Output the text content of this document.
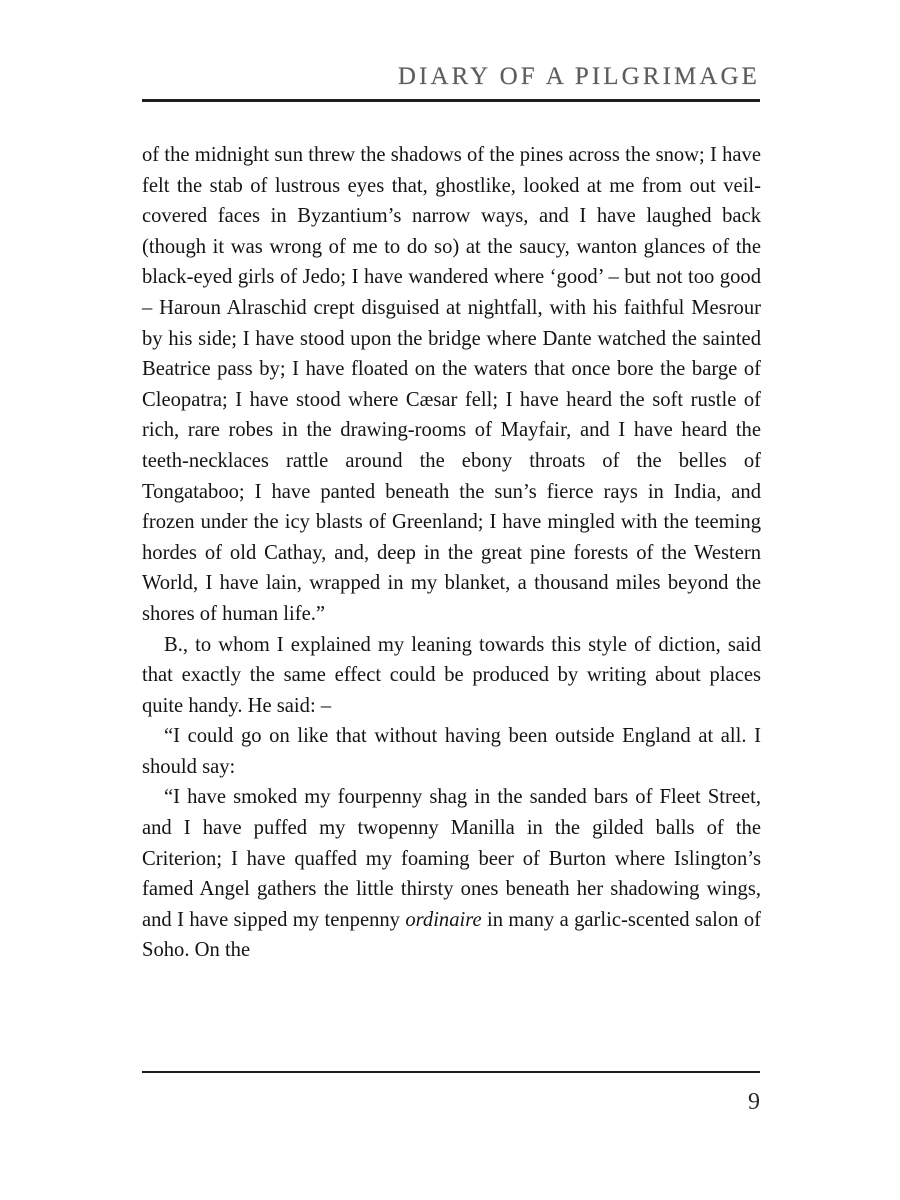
DIARY OF A PILGRIMAGE

of the midnight sun threw the shadows of the pines across the snow; I have felt the stab of lustrous eyes that, ghostlike, looked at me from out veil-covered faces in Byzantium’s narrow ways, and I have laughed back (though it was wrong of me to do so) at the saucy, wanton glances of the black-eyed girls of Jedo; I have wandered where ‘good’ – but not too good – Haroun Alraschid crept disguised at nightfall, with his faithful Mesrour by his side; I have stood upon the bridge where Dante watched the sainted Beatrice pass by; I have floated on the waters that once bore the barge of Cleopatra; I have stood where Cæsar fell; I have heard the soft rustle of rich, rare robes in the drawing-rooms of Mayfair, and I have heard the teeth-necklaces rattle around the ebony throats of the belles of Tongataboo; I have panted beneath the sun’s fierce rays in India, and frozen under the icy blasts of Greenland; I have mingled with the teeming hordes of old Cathay, and, deep in the great pine forests of the Western World, I have lain, wrapped in my blanket, a thousand miles beyond the shores of human life.”

B., to whom I explained my leaning towards this style of diction, said that exactly the same effect could be produced by writing about places quite handy. He said: –

“I could go on like that without having been outside England at all. I should say:

“I have smoked my fourpenny shag in the sanded bars of Fleet Street, and I have puffed my twopenny Manilla in the gilded balls of the Criterion; I have quaffed my foaming beer of Burton where Islington’s famed Angel gathers the little thirsty ones beneath her shadowing wings, and I have sipped my tenpenny ordinaire in many a garlic-scented salon of Soho. On the

9
